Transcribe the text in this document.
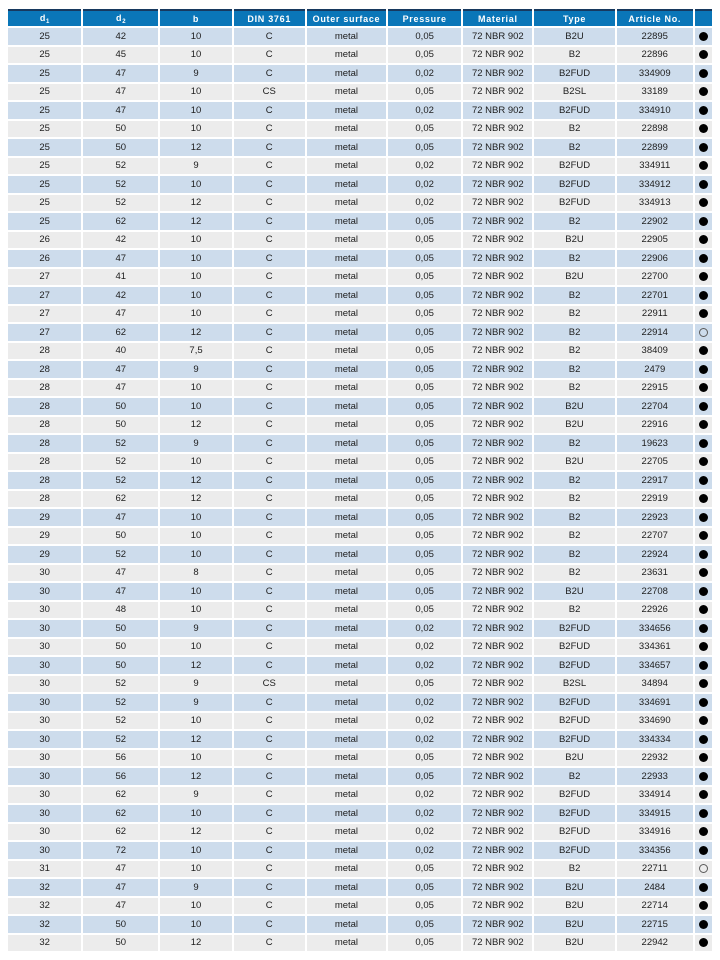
$d_1$	$d_2$	b	DIN 3761	Outer surface	Pressure	Material	Type	Article No.	
25	42	10	C	metal	0,05	72 NBR 902	B2U	22895	
25	45	10	C	metal	0,05	72 NBR 902	B2	22896	
25	47	9	C	metal	0,02	72 NBR 902	B2FUD	334909	
25	47	10	CS	metal	0,05	72 NBR 902	B2SL	33189	
25	47	10	C	metal	0,02	72 NBR 902	B2FUD	334910	
25	50	10	C	metal	0,05	72 NBR 902	B2	22898	
25	50	12	C	metal	0,05	72 NBR 902	B2	22899	
25	52	9	C	metal	0,02	72 NBR 902	B2FUD	334911	
25	52	10	C	metal	0,02	72 NBR 902	B2FUD	334912	
25	52	12	C	metal	0,02	72 NBR 902	B2FUD	334913	
25	62	12	C	metal	0,05	72 NBR 902	B2	22902	
26	42	10	C	metal	0,05	72 NBR 902	B2U	22905	
26	47	10	C	metal	0,05	72 NBR 902	B2	22906	
27	41	10	C	metal	0,05	72 NBR 902	B2U	22700	
27	42	10	C	metal	0,05	72 NBR 902	B2	22701	
27	47	10	C	metal	0,05	72 NBR 902	B2	22911	
27	62	12	C	metal	0,05	72 NBR 902	B2	22914	
28	40	7,5	C	metal	0,05	72 NBR 902	B2	38409	
28	47	9	C	metal	0,05	72 NBR 902	B2	2479	
28	47	10	C	metal	0,05	72 NBR 902	B2	22915	
28	50	10	C	metal	0,05	72 NBR 902	B2U	22704	
28	50	12	C	metal	0,05	72 NBR 902	B2U	22916	
28	52	9	C	metal	0,05	72 NBR 902	B2	19623	
28	52	10	C	metal	0,05	72 NBR 902	B2U	22705	
28	52	12	C	metal	0,05	72 NBR 902	B2	22917	
28	62	12	C	metal	0,05	72 NBR 902	B2	22919	
29	47	10	C	metal	0,05	72 NBR 902	B2	22923	
29	50	10	C	metal	0,05	72 NBR 902	B2	22707	
29	52	10	C	metal	0,05	72 NBR 902	B2	22924	
30	47	8	C	metal	0,05	72 NBR 902	B2	23631	
30	47	10	C	metal	0,05	72 NBR 902	B2U	22708	
30	48	10	C	metal	0,05	72 NBR 902	B2	22926	
30	50	9	C	metal	0,02	72 NBR 902	B2FUD	334656	
30	50	10	C	metal	0,02	72 NBR 902	B2FUD	334361	
30	50	12	C	metal	0,02	72 NBR 902	B2FUD	334657	
30	52	9	CS	metal	0,05	72 NBR 902	B2SL	34894	
30	52	9	C	metal	0,02	72 NBR 902	B2FUD	334691	
30	52	10	C	metal	0,02	72 NBR 902	B2FUD	334690	
30	52	12	C	metal	0,02	72 NBR 902	B2FUD	334334	
30	56	10	C	metal	0,05	72 NBR 902	B2U	22932	
30	56	12	C	metal	0,05	72 NBR 902	B2	22933	
30	62	9	C	metal	0,02	72 NBR 902	B2FUD	334914	
30	62	10	C	metal	0,02	72 NBR 902	B2FUD	334915	
30	62	12	C	metal	0,02	72 NBR 902	B2FUD	334916	
30	72	10	C	metal	0,02	72 NBR 902	B2FUD	334356	
31	47	10	C	metal	0,05	72 NBR 902	B2	22711	
32	47	9	C	metal	0,05	72 NBR 902	B2U	2484	
32	47	10	C	metal	0,05	72 NBR 902	B2U	22714	
32	50	10	C	metal	0,05	72 NBR 902	B2U	22715	
32	50	12	C	metal	0,05	72 NBR 902	B2U	22942	
